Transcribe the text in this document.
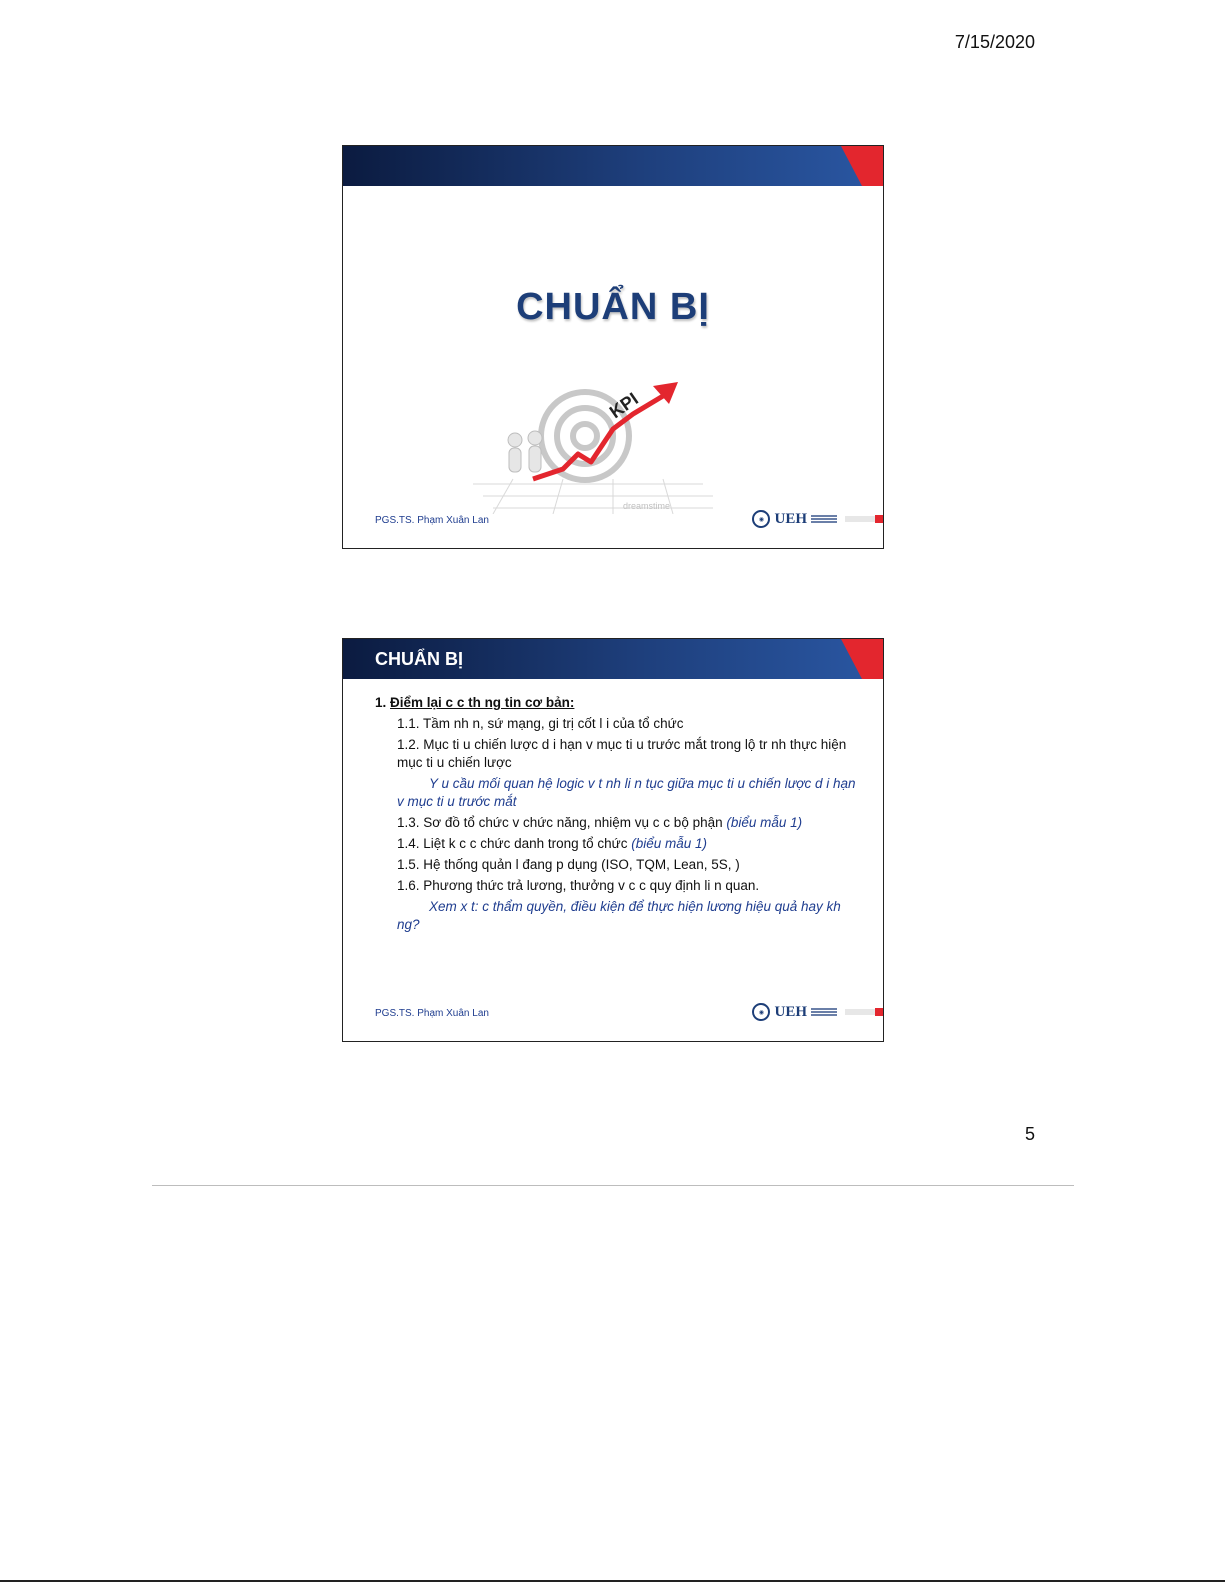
7/15/2020
CHUẨN BỊ
KPI
dreamstime
PGS.TS. Phạm Xuân Lan	◉ UEH
CHUẨN BỊ
1. Điểm lại c c th ng tin cơ bản:
1.1. Tầm nh n, sứ mạng, gi trị cốt l i của tổ chức
1.2. Mục ti u chiến lược d i hạn v mục ti u trước mắt trong lộ tr nh thực hiện mục ti u chiến lược
Y u cầu mối quan hệ logic v t nh li n tục giữa mục ti u chiến lược d i hạn v mục ti u trước mắt
1.3. Sơ đồ tổ chức v chức năng, nhiệm vụ c c bộ phận (biểu mẫu 1)
1.4. Liệt k c c chức danh trong tổ chức (biểu mẫu 1)
1.5. Hệ thống quản l đang p dụng (ISO, TQM, Lean, 5S, )
1.6. Phương thức trả lương, thưởng v c c quy định li n quan.
Xem x t: c thẩm quyền, điều kiện để thực hiện lương hiệu quả hay kh ng?
PGS.TS. Phạm Xuân Lan	◉ UEH
5
